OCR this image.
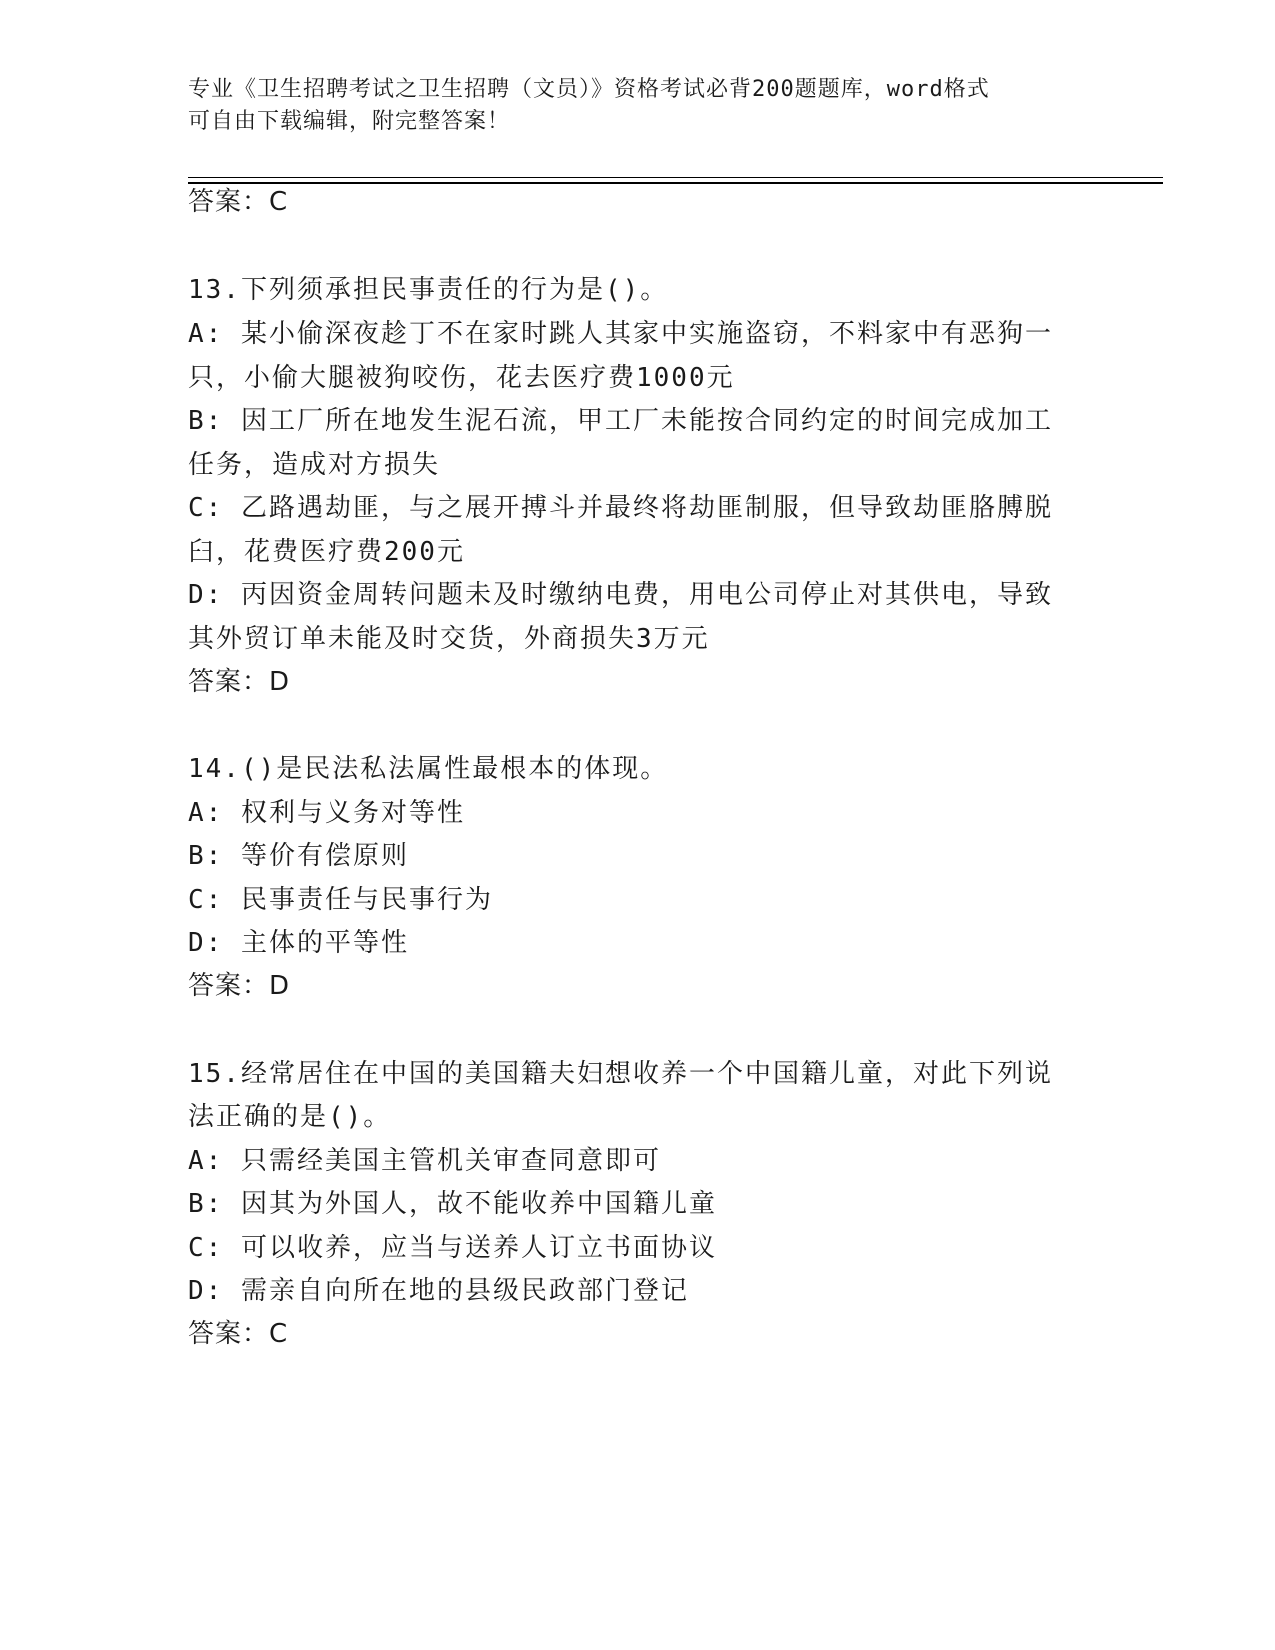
专业《卫生招聘考试之卫生招聘（文员）》资格考试必背200题题库，word格式
可自由下载编辑，附完整答案！
答案：C
13.下列须承担民事责任的行为是()。
A: 某小偷深夜趁丁不在家时跳人其家中实施盗窃，不料家中有恶狗一
只，小偷大腿被狗咬伤，花去医疗费1000元
B: 因工厂所在地发生泥石流，甲工厂未能按合同约定的时间完成加工
任务，造成对方损失
C: 乙路遇劫匪，与之展开搏斗并最终将劫匪制服，但导致劫匪胳膊脱
臼，花费医疗费200元
D: 丙因资金周转问题未及时缴纳电费，用电公司停止对其供电，导致
其外贸订单未能及时交货，外商损失3万元
答案：D
14.()是民法私法属性最根本的体现。
A: 权利与义务对等性
B: 等价有偿原则
C: 民事责任与民事行为
D: 主体的平等性
答案：D
15.经常居住在中国的美国籍夫妇想收养一个中国籍儿童，对此下列说
法正确的是()。
A: 只需经美国主管机关审查同意即可
B: 因其为外国人，故不能收养中国籍儿童
C: 可以收养，应当与送养人订立书面协议
D: 需亲自向所在地的县级民政部门登记
答案：C
